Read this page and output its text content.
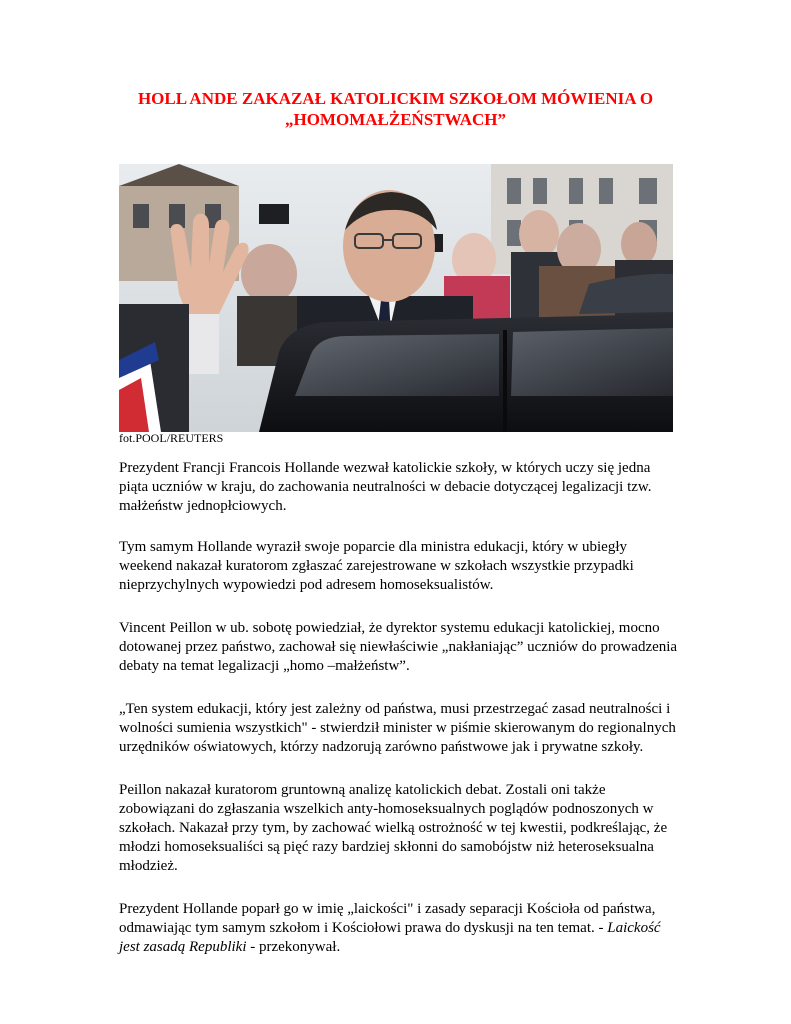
HOLL ANDE ZAKAZAŁ KATOLICKIM SZKOŁOM MÓWIENIA O
„HOMOMAŁŻEŃSTWACH”

fot.POOL/REUTERS

Prezydent Francji Francois Hollande wezwał katolickie szkoły, w których uczy się jedna piąta uczniów w kraju, do zachowania neutralności w debacie dotyczącej legalizacji tzw. małżeństw jednopłciowych.

Tym samym Hollande wyraził swoje poparcie dla ministra edukacji, który w ubiegły weekend nakazał kuratorom zgłaszać zarejestrowane w szkołach wszystkie przypadki nieprzychylnych wypowiedzi pod adresem homoseksualistów.

Vincent Peillon w ub. sobotę powiedział, że dyrektor systemu edukacji katolickiej, mocno dotowanej przez państwo, zachował się niewłaściwie „nakłaniając” uczniów do prowadzenia debaty na temat legalizacji „homo –małżeństw”.

„Ten system edukacji, który jest zależny od państwa, musi przestrzegać zasad neutralności i wolności sumienia wszystkich" - stwierdził minister w piśmie skierowanym do regionalnych urzędników oświatowych, którzy nadzorują zarówno państwowe jak i prywatne szkoły.

Peillon nakazał kuratorom gruntowną analizę katolickich debat. Zostali oni także zobowiązani do zgłaszania wszelkich anty-homoseksualnych poglądów podnoszonych w szkołach. Nakazał przy tym, by zachować wielką ostrożność w tej kwestii, podkreślając, że młodzi homoseksualiści są pięć razy bardziej skłonni do samobójstw niż heteroseksualna młodzież.

Prezydent Hollande poparł go w imię „laickości" i zasady separacji Kościoła od państwa, odmawiając tym samym szkołom i Kościołowi prawa do dyskusji na ten temat. - Laickość jest zasadą Republiki - przekonywał.
